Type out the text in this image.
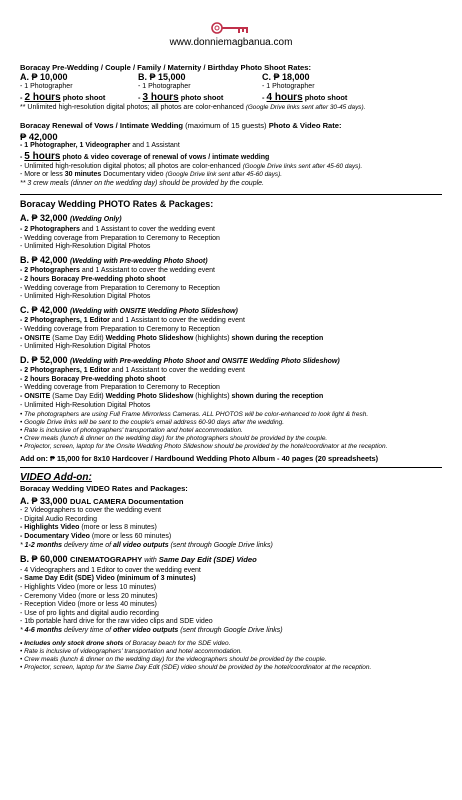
www.donniemagbanua.com
Boracay Pre-Wedding / Couple / Family / Maternity / Birthday Photo Shoot Rates:
A. ₱ 10,000	B. ₱ 15,000	C. ₱ 18,000
- 1 Photographer	- 1 Photographer	- 1 Photographer
- 2 hours photo shoot	- 3 hours photo shoot	- 4 hours photo shoot
** Unlimited high-resolution digital photos; all photos are color-enhanced (Google Drive links sent after 30-45 days).
Boracay Renewal of Vows / Intimate Wedding (maximum of 15 guests) Photo & Video Rate:
₱ 42,000
- 1 Photographer, 1 Videographer and 1 Assistant
- 5 hours photo & video coverage of renewal of vows / intimate wedding
- Unlimited high-resolution digital photos; all photos are color-enhanced (Google Drive links sent after 45-60 days).
- More or less 30 minutes Documentary video (Google Drive link sent after 45-60 days).
** 3 crew meals (dinner on the wedding day) should be provided by the couple.
Boracay Wedding PHOTO Rates & Packages:
A. ₱ 32,000 (Wedding Only)
- 2 Photographers and 1 Assistant to cover the wedding event
- Wedding coverage from Preparation to Ceremony to Reception
- Unlimited High-Resolution Digital Photos
B. ₱ 42,000 (Wedding with Pre-wedding Photo Shoot)
- 2 Photographers and 1 Assistant to cover the wedding event
- 2 hours Boracay Pre-wedding photo shoot
- Wedding coverage from Preparation to Ceremony to Reception
- Unlimited High-Resolution Digital Photos
C. ₱ 42,000 (Wedding with ONSITE Wedding Photo Slideshow)
- 2 Photographers, 1 Editor and 1 Assistant to cover the wedding event
- Wedding coverage from Preparation to Ceremony to Reception
- ONSITE (Same Day Edit) Wedding Photo Slideshow (highlights) shown during the reception
- Unlimited High-Resolution Digital Photos
D. ₱ 52,000 (Wedding with Pre-wedding Photo Shoot and ONSITE Wedding Photo Slideshow)
- 2 Photographers, 1 Editor and 1 Assistant to cover the wedding event
- 2 hours Boracay Pre-wedding photo shoot
- Wedding coverage from Preparation to Ceremony to Reception
- ONSITE (Same Day Edit) Wedding Photo Slideshow (highlights) shown during the reception
- Unlimited High-Resolution Digital Photos
• The photographers are using Full Frame Mirrorless Cameras. ALL PHOTOS will be color-enhanced to look light & fresh.
• Google Drive links will be sent to the couple's email address 60-90 days after the wedding.
• Rate is inclusive of photographers' transportation and hotel accommodation.
• Crew meals (lunch & dinner on the wedding day) for the photographers should be provided by the couple.
• Projector, screen, laptop for the Onsite Wedding Photo Slideshow should be provided by the hotel/coordinator at the reception.
Add on: ₱ 15,000 for 8x10 Hardcover / Hardbound Wedding Photo Album - 40 pages (20 spreadsheets)
VIDEO Add-on:
Boracay Wedding VIDEO Rates and Packages:
A. ₱ 33,000 DUAL CAMERA Documentation
- 2 Videographers to cover the wedding event
- Digital Audio Recording
- Highlights Video (more or less 8 minutes)
- Documentary Video (more or less 60 minutes)
* 1-2 months delivery time of all video outputs (sent through Google Drive links)
B. ₱ 60,000 CINEMATOGRAPHY with Same Day Edit (SDE) Video
- 4 Videographers and 1 Editor to cover the wedding event
- Same Day Edit (SDE) Video (minimum of 3 minutes)
- Highlights Video (more or less 10 minutes)
- Ceremony Video (more or less 20 minutes)
- Reception Video (more or less 40 minutes)
- Use of pro lights and digital audio recording
- 1tb portable hard drive for the raw video clips and SDE video
* 4-6 months delivery time of other video outputs (sent through Google Drive links)
• Includes only stock drone shots of Boracay beach for the SDE video.
• Rate is inclusive of videographers' transportation and hotel accommodation.
• Crew meals (lunch & dinner on the wedding day) for the videographers should be provided by the couple.
• Projector, screen, laptop for the Same Day Edit (SDE) video should be provided by the hotel/coordinator at the reception.
